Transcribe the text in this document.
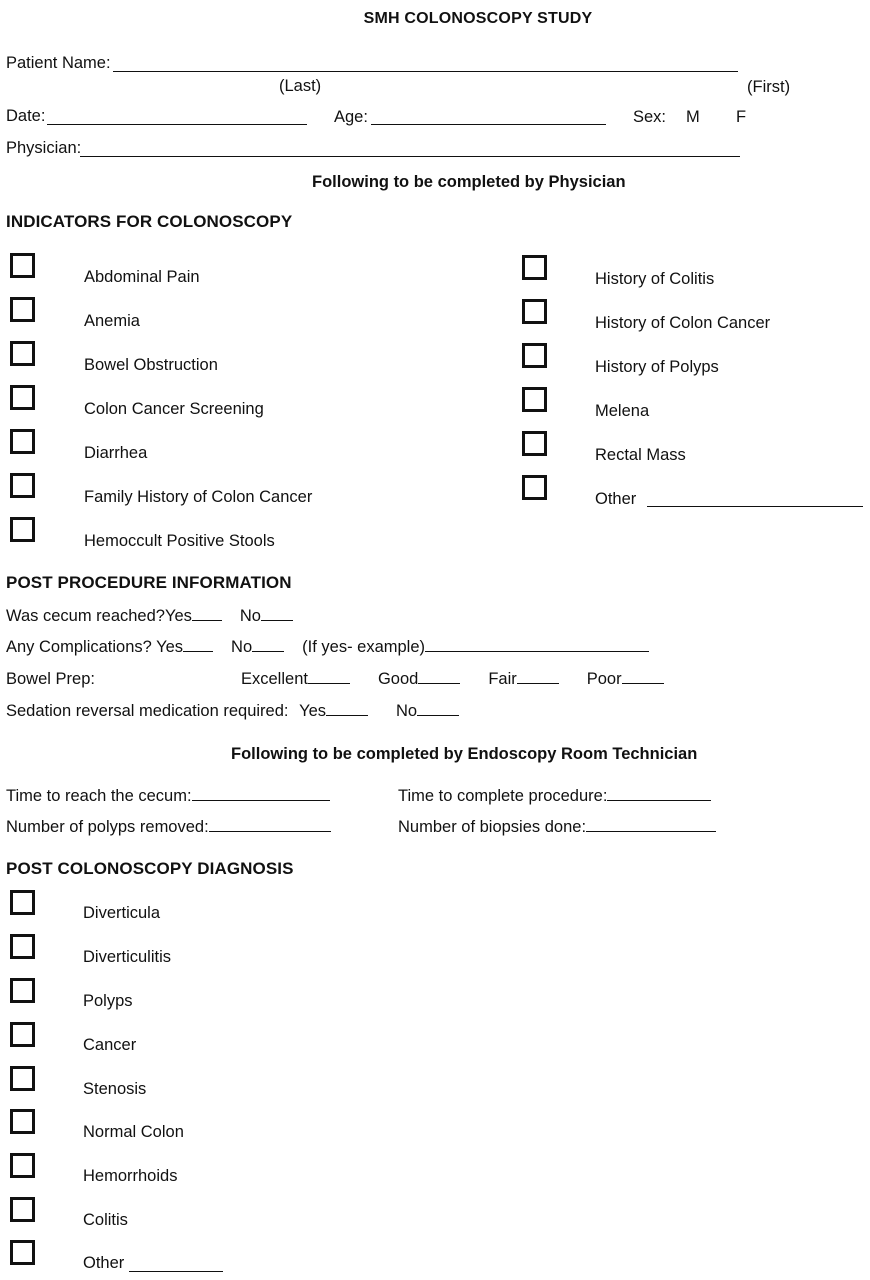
SMH COLONOSCOPY STUDY
Patient Name:
(Last)	(First)
Date:	Age:	Sex: M F
Physician:
Following to be completed by Physician
INDICATORS FOR COLONOSCOPY
Abdominal Pain
Anemia
Bowel Obstruction
Colon Cancer Screening
Diarrhea
Family History of Colon Cancer
Hemoccult Positive Stools
History of Colitis
History of Colon Cancer
History of Polyps
Melena
Rectal Mass
Other
POST PROCEDURE INFORMATION
Was cecum reached?Yes	No
Any Complications? Yes	No	(If yes- example)
Bowel Prep:	Excellent	Good	Fair	Poor
Sedation reversal medication required: Yes	No
Following to be completed by Endoscopy Room Technician
Time to reach the cecum:	Time to complete procedure:
Number of polyps removed:	Number of biopsies done:
POST COLONOSCOPY DIAGNOSIS
Diverticula
Diverticulitis
Polyps
Cancer
Stenosis
Normal Colon
Hemorrhoids
Colitis
Other
